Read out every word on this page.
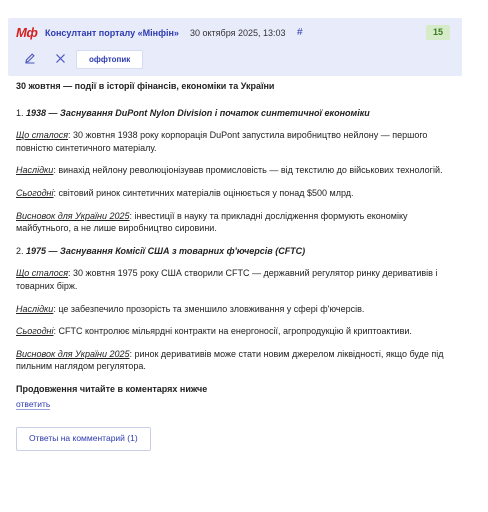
Мф Консултант порталу «Мінфін» 30 октября 2025, 13:03 #	15
оффтопик

30 жовтня — події в історії фінансів, економіки та України

1. 1938 — Заснування DuPont Nylon Division і початок синтетичної економіки

Що сталося: 30 жовтня 1938 року корпорація DuPont запустила виробництво нейлону — першого повністю синтетичного матеріалу.

Наслідки: винахід нейлону революціонізував промисловість — від текстилю до військових технологій.

Сьогодні: світовий ринок синтетичних матеріалів оцінюється у понад $500 млрд.

Висновок для України 2025: інвестиції в науку та прикладні дослідження формують економіку майбутнього, а не лише виробництво сировини.

2. 1975 — Заснування Комісії США з товарних ф'ючерсів (CFTC)

Що сталося: 30 жовтня 1975 року США створили CFTC — державний регулятор ринку деривативів і товарних бірж.

Наслідки: це забезпечило прозорість та зменшило зловживання у сфері ф'ючерсів.

Сьогодні: CFTC контролює мільярдні контракти на енергоносії, агропродукцію й криптоактиви.

Висновок для України 2025: ринок деривативів може стати новим джерелом ліквідності, якщо буде під пильним наглядом регулятора.

Продовження читайте в коментарях нижче

ответить
Ответы на комментарий (1)
